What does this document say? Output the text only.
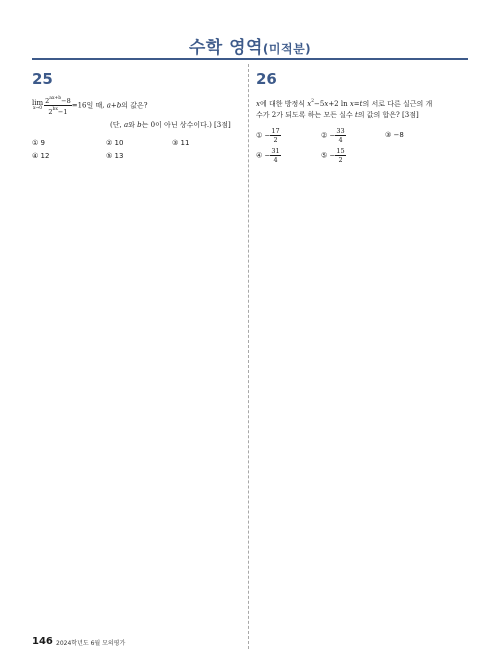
수학 영역(미적분)
25
lim
$x\to 0 \frac{2^{ax+b}-8}{2^{bx}-1} =16$일 때, a+b의 값은?
(단, a와 b는 0이 아닌 상수이다.) [3점]
① 9	② 10	③ 11
④ 12	⑤ 13
26
x에 대한 방정식 $x^2-5x+2$ ln x=t의 서로 다른 실근의 개
수가 2가 되도록 하는 모든 실수 t의 값의 합은? [3점]
① − $\frac{17}{2}$	② − $\frac{33}{4}$	③ −8
④ − $\frac{31}{4}$	⑤ − $\frac{15}{2}$
146 2024학년도 6월 모의평가
